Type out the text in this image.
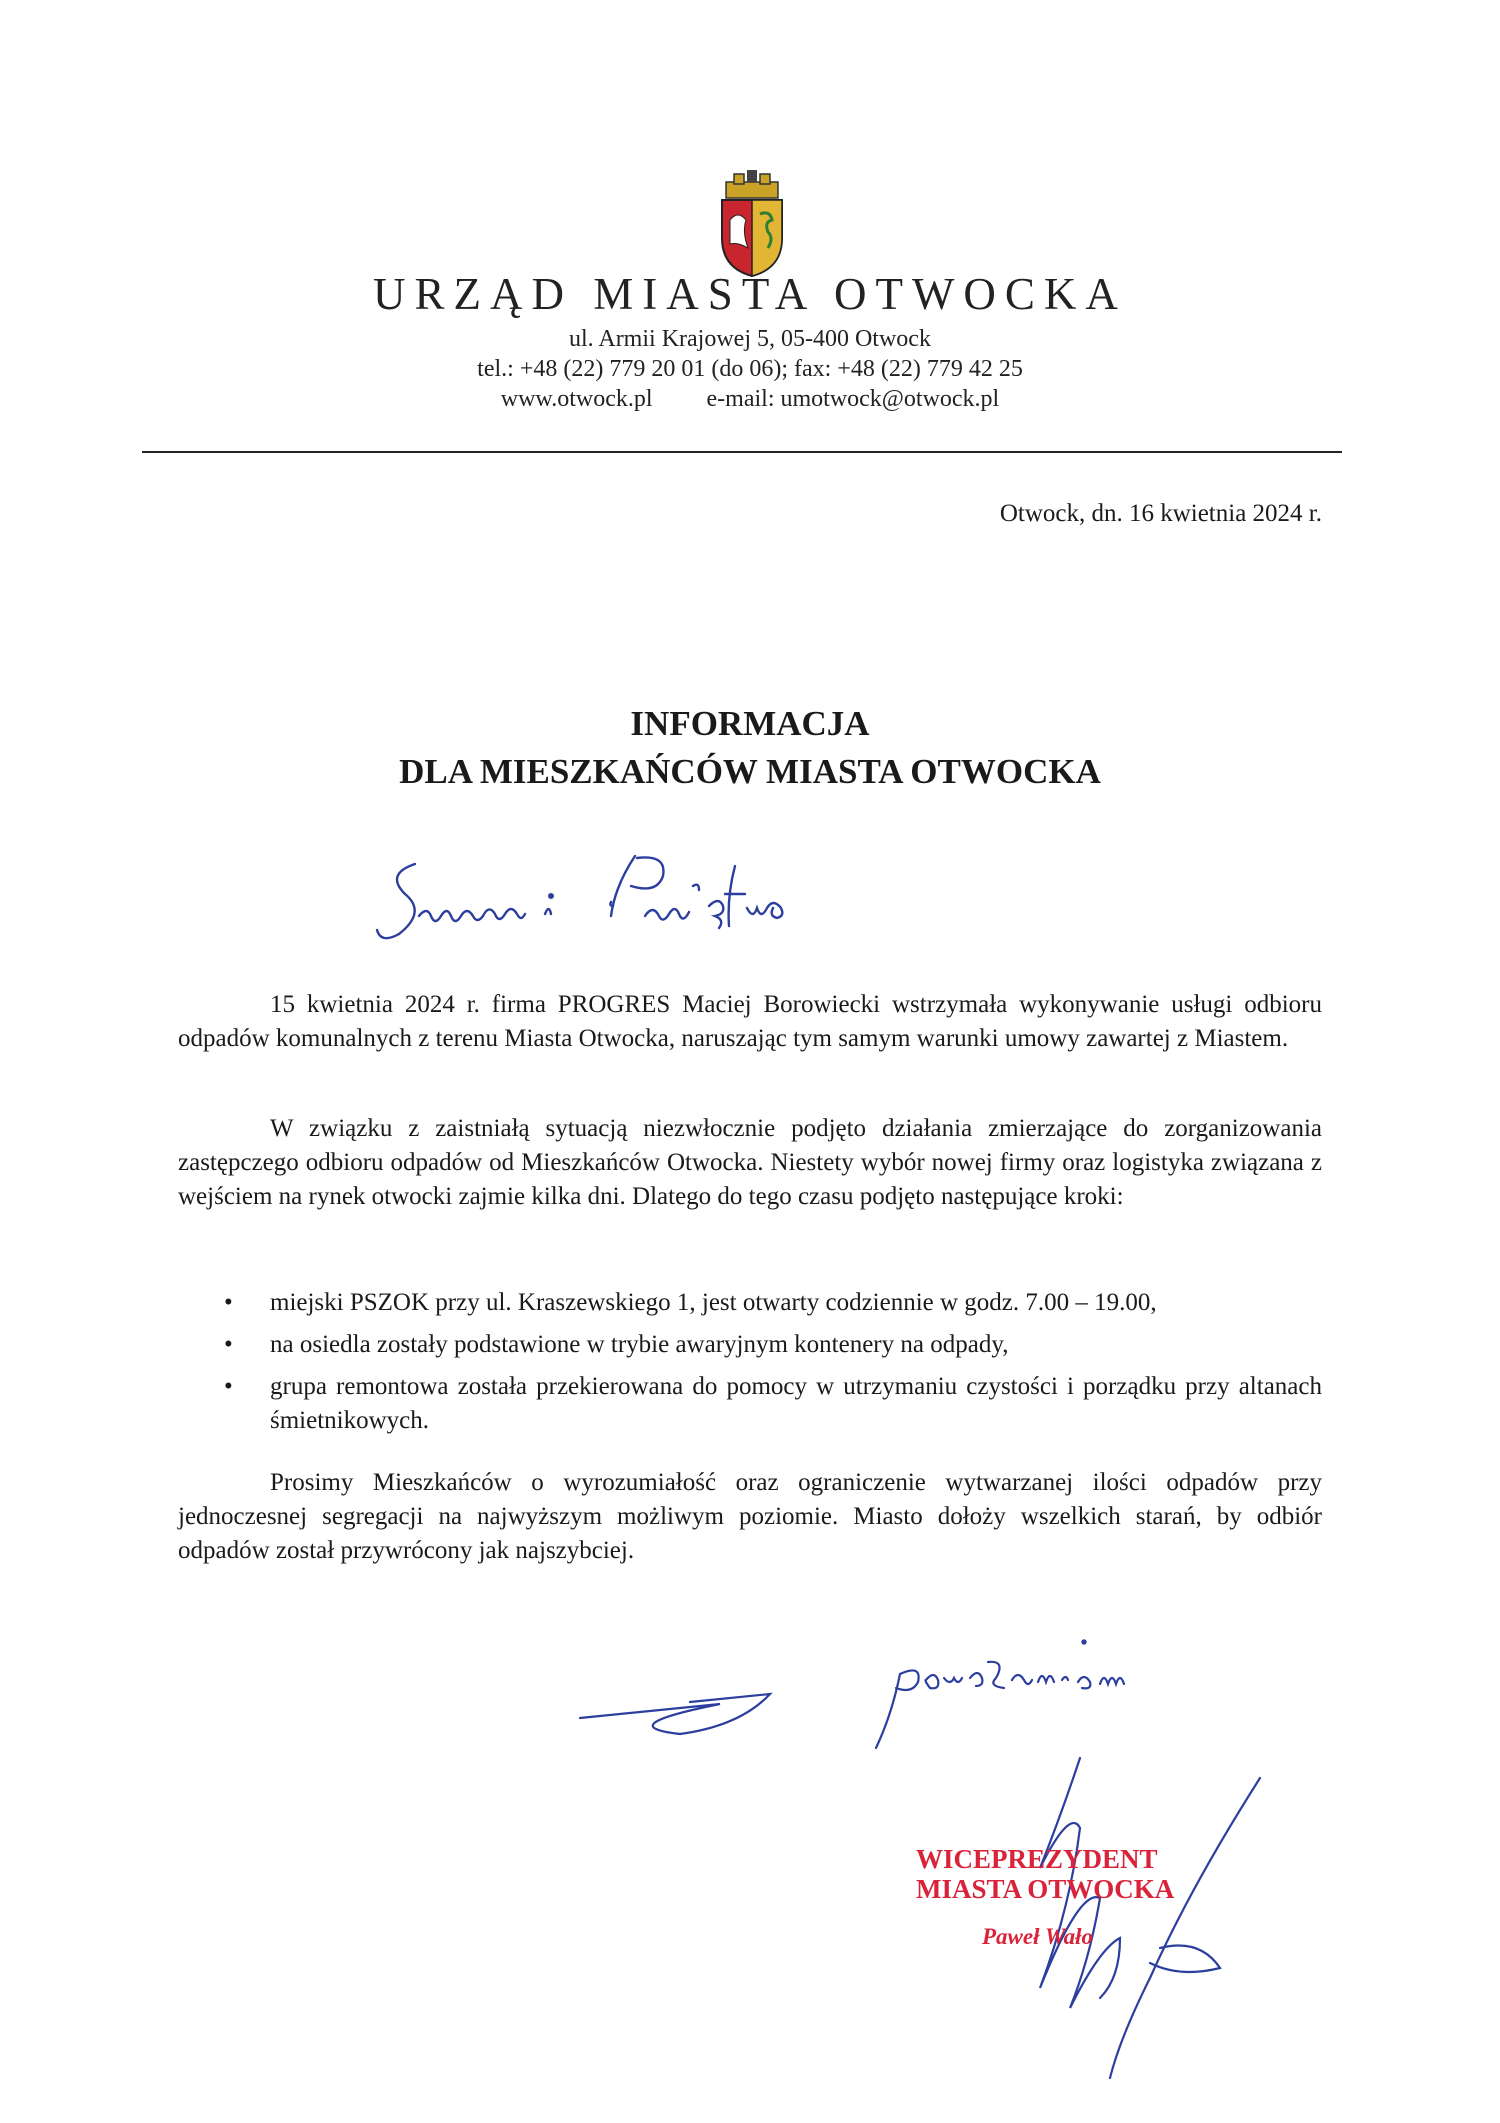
URZĄD MIASTA OTWOCKA
ul. Armii Krajowej 5, 05-400 Otwock
tel.: +48 (22) 779 20 01 (do 06); fax: +48 (22) 779 42 25
www.otwock.pl e-mail: umotwock@otwock.pl
Otwock, dn. 16 kwietnia 2024 r.
INFORMACJA
DLA MIESZKAŃCÓW MIASTA OTWOCKA

15 kwietnia 2024 r. firma PROGRES Maciej Borowiecki wstrzymała wykonywanie usługi odbioru odpadów komunalnych z terenu Miasta Otwocka, naruszając tym samym warunki umowy zawartej z Miastem.

W związku z zaistniałą sytuacją niezwłocznie podjęto działania zmierzające do zorganizowania zastępczego odbioru odpadów od Mieszkańców Otwocka. Niestety wybór nowej firmy oraz logistyka związana z wejściem na rynek otwocki zajmie kilka dni. Dlatego do tego czasu podjęto następujące kroki:

• miejski PSZOK przy ul. Kraszewskiego 1, jest otwarty codziennie w godz. 7.00 – 19.00,
• na osiedla zostały podstawione w trybie awaryjnym kontenery na odpady,
• grupa remontowa została przekierowana do pomocy w utrzymaniu czystości i porządku przy altanach śmietnikowych.

Prosimy Mieszkańców o wyrozumiałość oraz ograniczenie wytwarzanej ilości odpadów przy jednoczesnej segregacji na najwyższym możliwym poziomie. Miasto dołoży wszelkich starań, by odbiór odpadów został przywrócony jak najszybciej.

WICEPREZYDENT
MIASTA OTWOCKA
Paweł Wało
